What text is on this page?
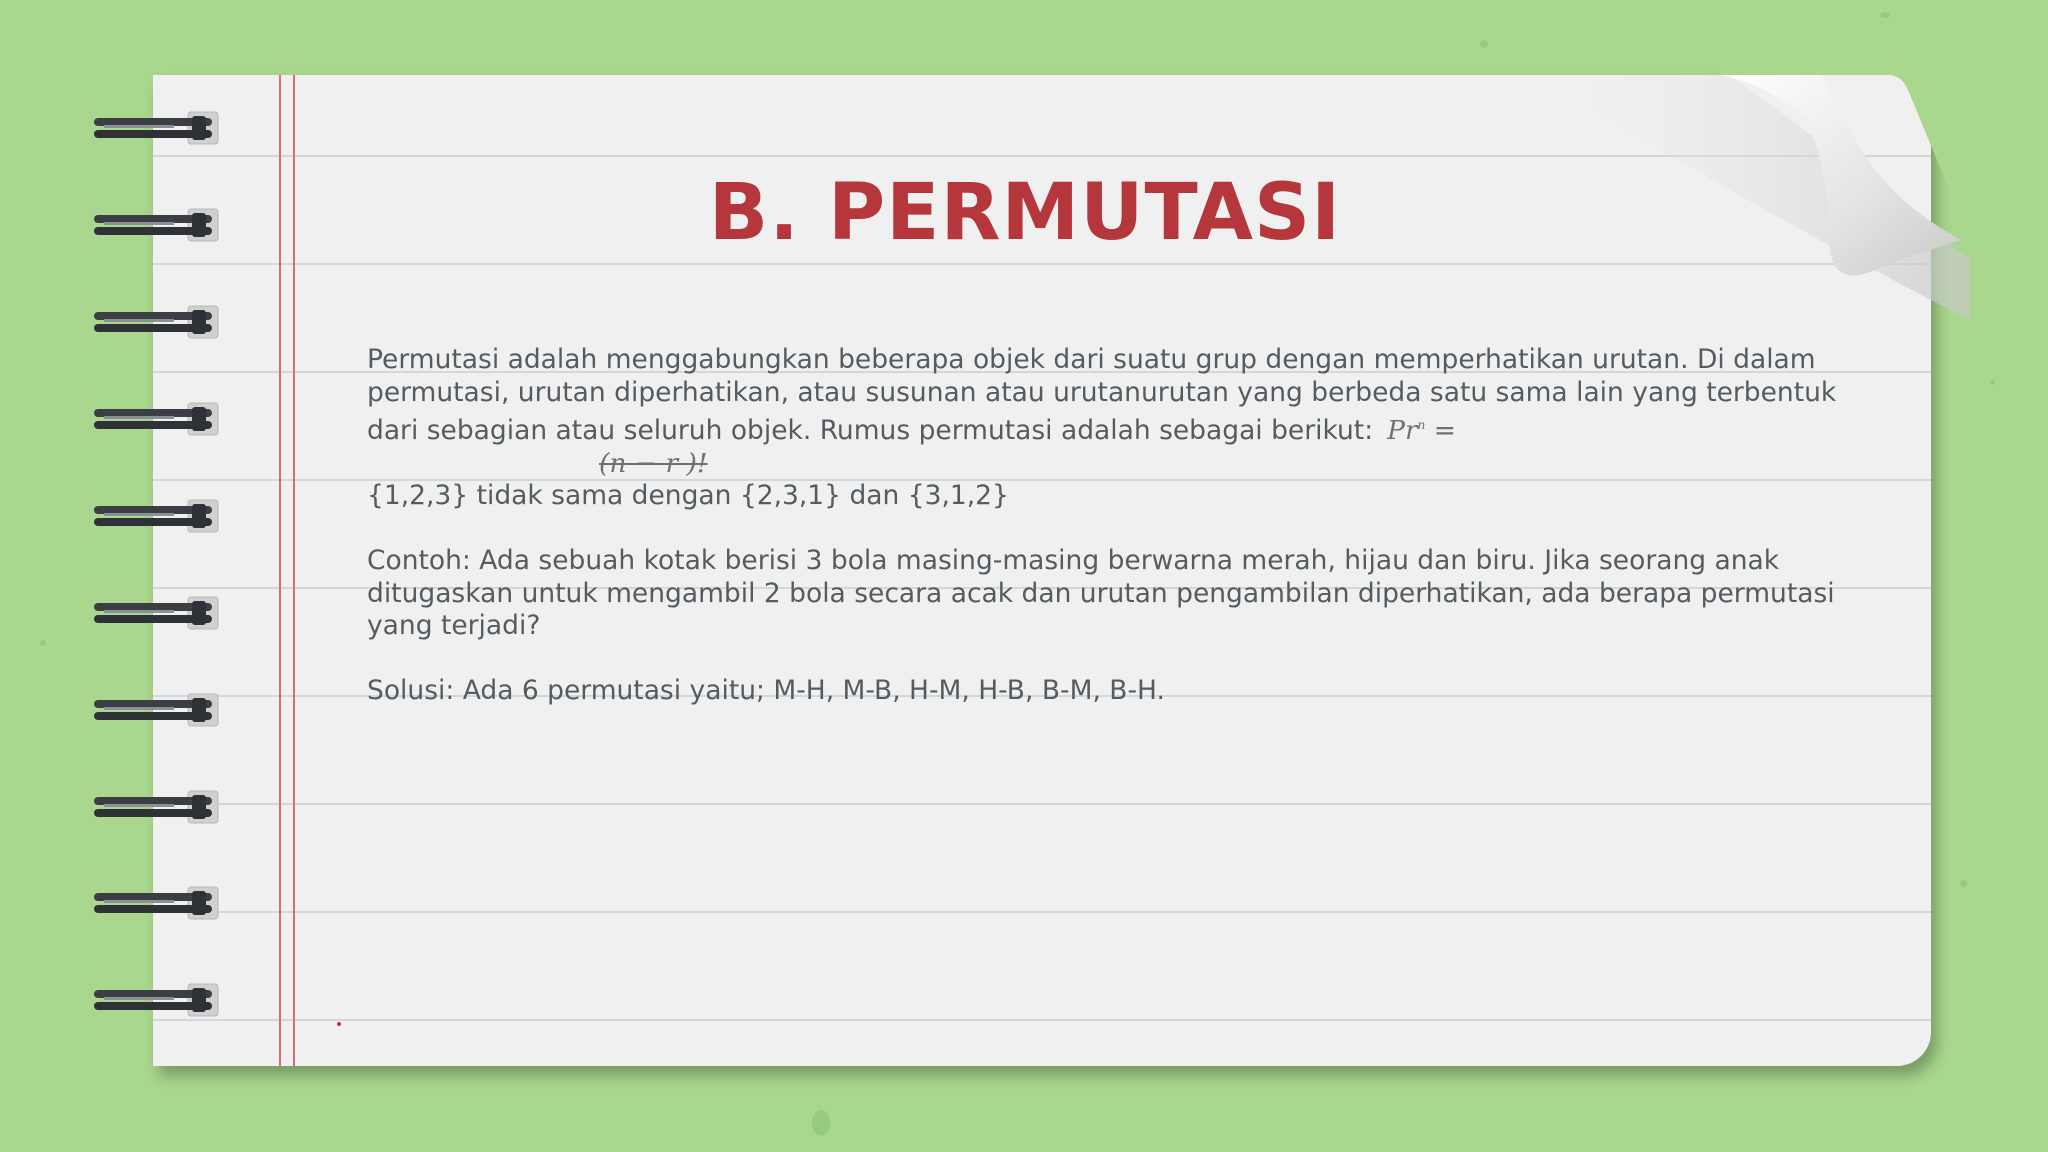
B. PERMUTASI

Permutasi adalah menggabungkan beberapa objek dari suatu grup dengan memperhatikan urutan. Di dalam permutasi, urutan diperhatikan, atau susunan atau urutanurutan yang berbeda satu sama lain yang terbentuk dari sebagian atau seluruh objek. Rumus permutasi adalah sebagai berikut: $Pr^n$ =

(n − r )!

{1,2,3} tidak sama dengan {2,3,1} dan {3,1,2}

Contoh: Ada sebuah kotak berisi 3 bola masing-masing berwarna merah, hijau dan biru. Jika seorang anak ditugaskan untuk mengambil 2 bola secara acak dan urutan pengambilan diperhatikan, ada berapa permutasi yang terjadi?

Solusi: Ada 6 permutasi yaitu; M-H, M-B, H-M, H-B, B-M, B-H.
